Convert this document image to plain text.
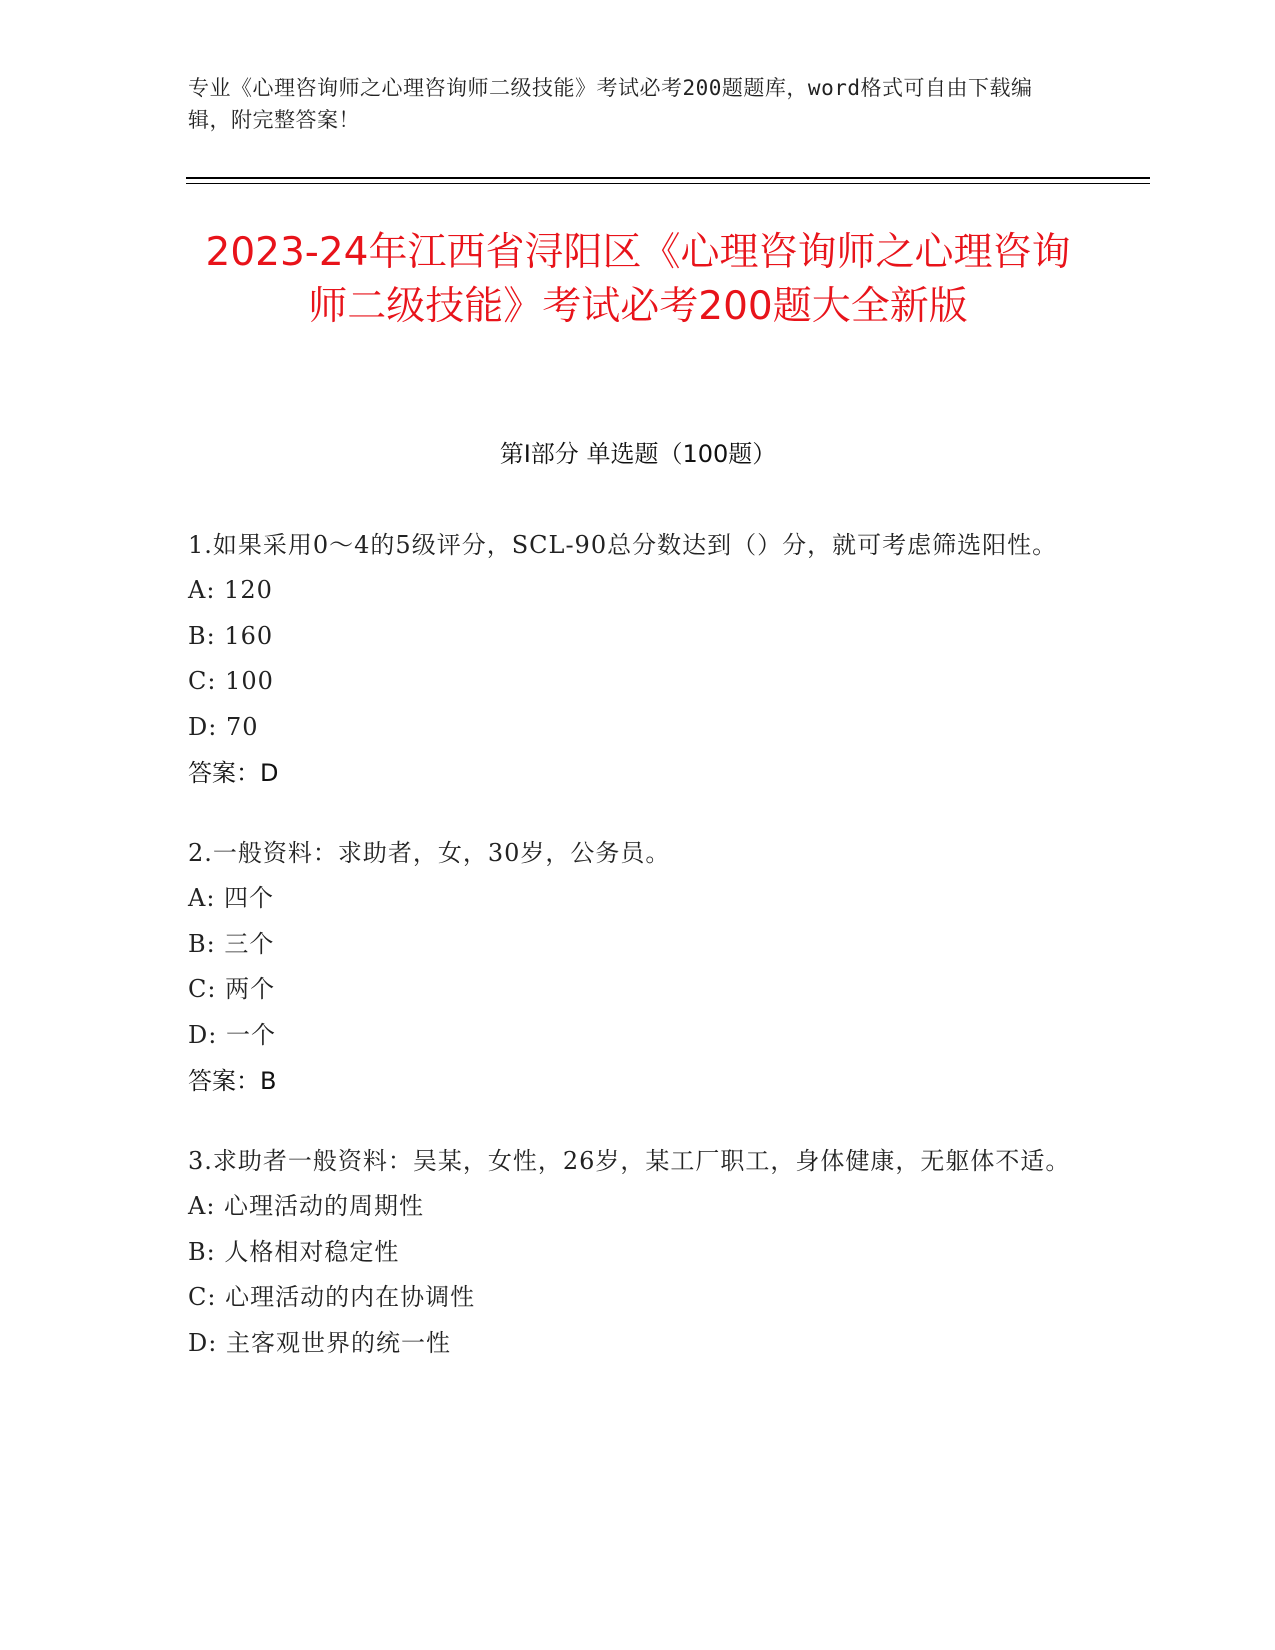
专业《心理咨询师之心理咨询师二级技能》考试必考200题题库，word格式可自由下载编辑，附完整答案！
2023-24年江西省浔阳区《心理咨询师之心理咨询师二级技能》考试必考200题大全新版
第I部分 单选题（100题）
1.如果采用0～4的5级评分，SCL-90总分数达到（）分，就可考虑筛选阳性。
A: 120
B: 160
C: 100
D: 70
答案：D
2.一般资料：求助者，女，30岁，公务员。
A: 四个
B: 三个
C: 两个
D: 一个
答案：B
3.求助者一般资料：吴某，女性，26岁，某工厂职工，身体健康，无躯体不适。
A: 心理活动的周期性
B: 人格相对稳定性
C: 心理活动的内在协调性
D: 主客观世界的统一性
